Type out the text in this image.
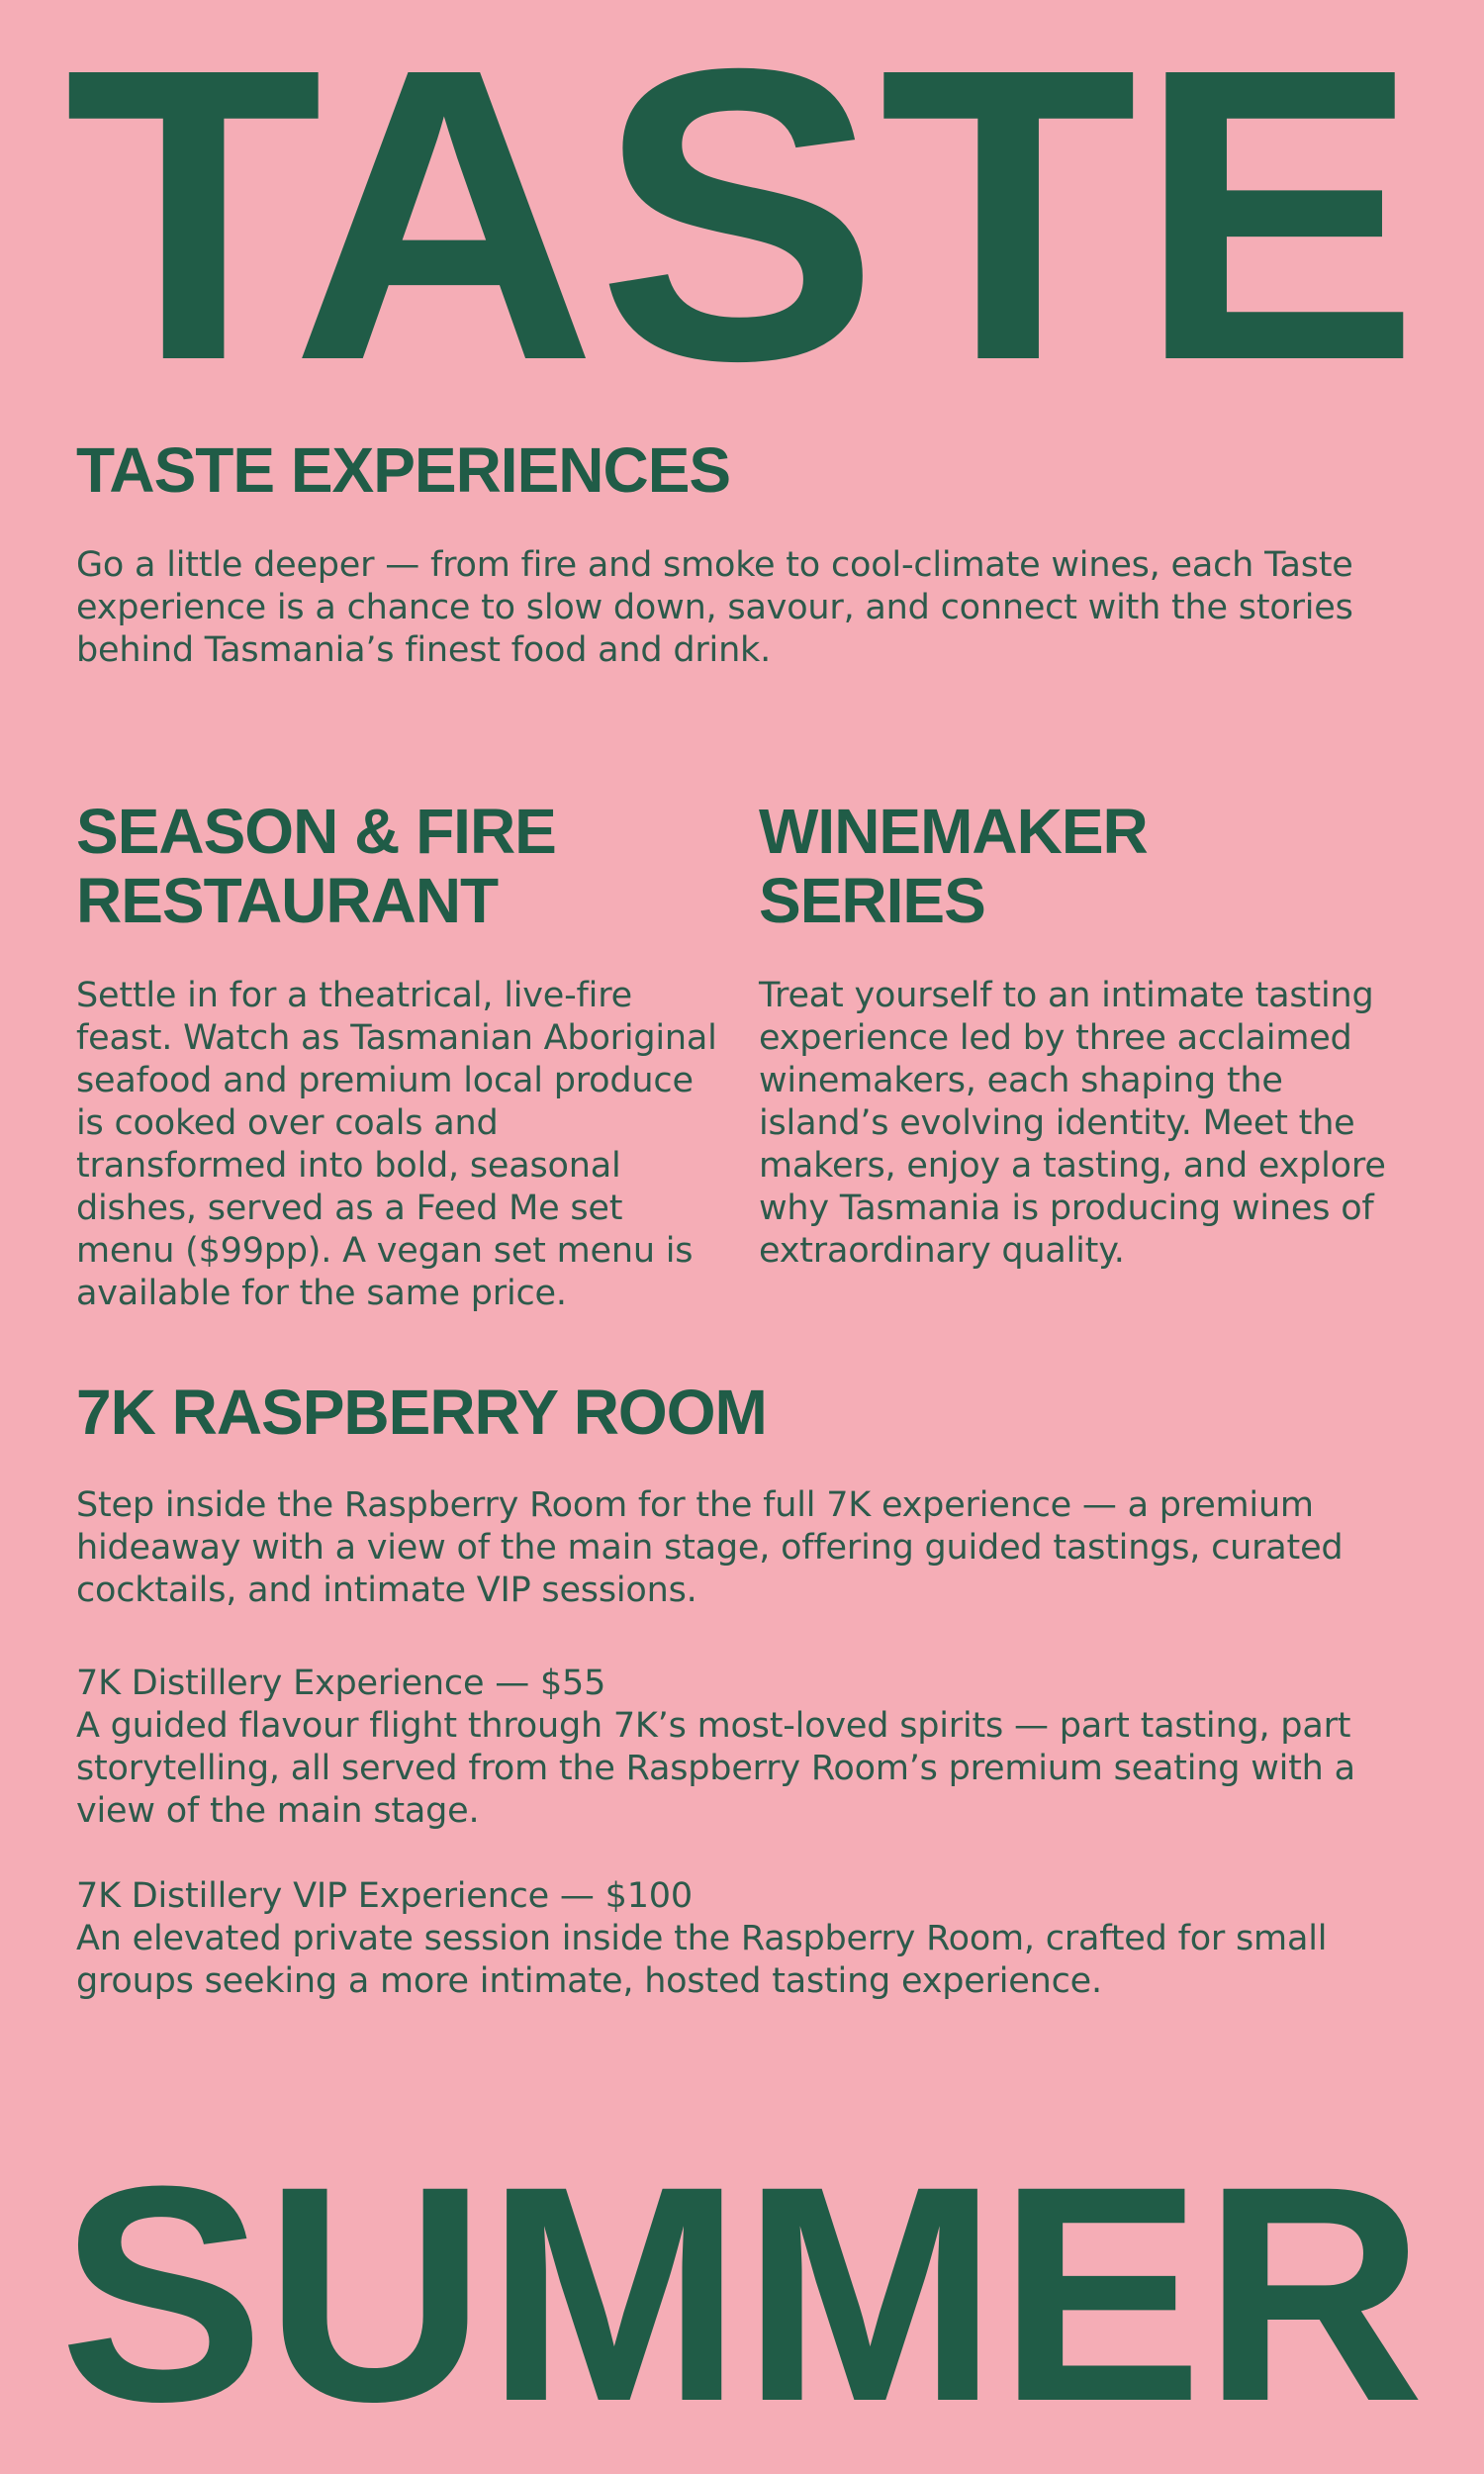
TASTE
TASTE EXPERIENCES

Go a little deeper — from fire and smoke to cool-climate wines, each Taste experience is a chance to slow down, savour, and connect with the stories behind Tasmania’s finest food and drink.

SEASON & FIRE
RESTAURANT

Settle in for a theatrical, live-fire feast. Watch as Tasmanian Aboriginal seafood and premium local produce is cooked over coals and transformed into bold, seasonal dishes, served as a Feed Me set menu ($99pp). A vegan set menu is available for the same price.

WINEMAKER
SERIES

Treat yourself to an intimate tasting experience led by three acclaimed winemakers, each shaping the island’s evolving identity. Meet the makers, enjoy a tasting, and explore why Tasmania is producing wines of extraordinary quality.

7K RASPBERRY ROOM

Step inside the Raspberry Room for the full 7K experience — a premium hideaway with a view of the main stage, offering guided tastings, curated cocktails, and intimate VIP sessions.

7K Distillery Experience — $55

A guided flavour flight through 7K’s most-loved spirits — part tasting, part storytelling, all served from the Raspberry Room’s premium seating with a view of the main stage.

7K Distillery VIP Experience — $100

An elevated private session inside the Raspberry Room, crafted for small groups seeking a more intimate, hosted tasting experience.

SUMMER
